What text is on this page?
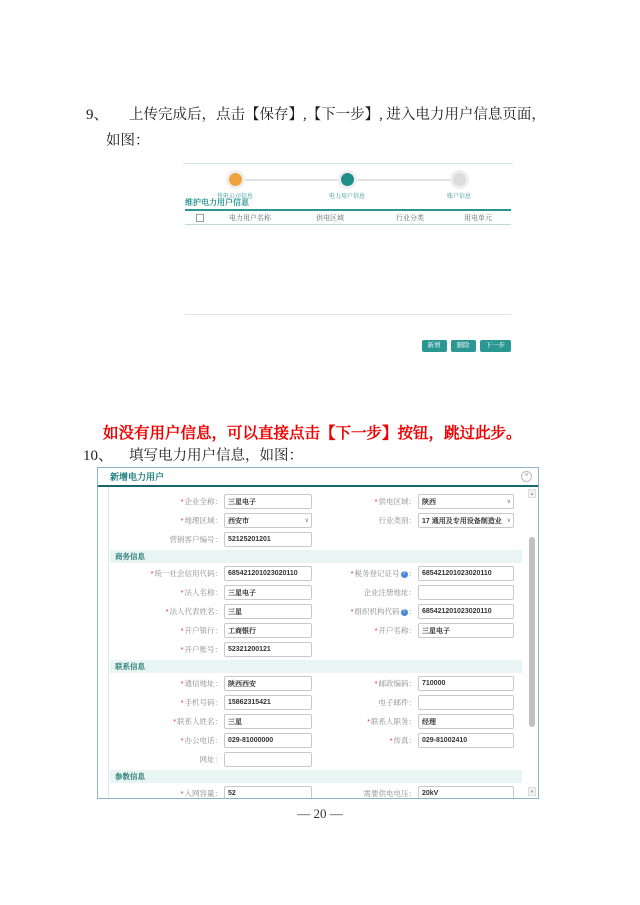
9、 上传完成后，点击【保存】,【下一步】, 进入电力用户信息页面，
如图：
售电公司信息	电力用户信息	账户信息
维护电力用户信息
电力用户名称	供电区域	行业分类	用电单元
新增	删除	下一步
如没有用户信息，可以直接点击【下一步】按钮，跳过此步。
10、 填写电力用户信息，如图：
新增电力用户	×
*企业全称： 三星电子	*供电区域： 陕西	∨
*地理区域： 西安市	∨	行业类别： 17 通用及专用设备制造业 ∨
营销客户编号： 52125201201
商务信息
*统一社会信用代码： 685421201023020110	*税务登记证号 ? ： 685421201023020110
*法人名称： 三星电子	企业注册地址：
*法人代表姓名： 三星	*组织机构代码 ? ： 685421201023020110
*开户银行： 工商银行	*开户名称： 三星电子
*开户账号： 52321200121
联系信息
*通信地址： 陕西西安	*邮政编码： 710000
*手机号码： 15862315421	电子邮件：
*联系人姓名： 三星	*联系人职务： 经理
*办公电话： 029-81000000	*传真： 029-81002410
网址：
参数信息
*入网容量： 52	需要供电电压： 20kV
▲
▼
— 20 —
